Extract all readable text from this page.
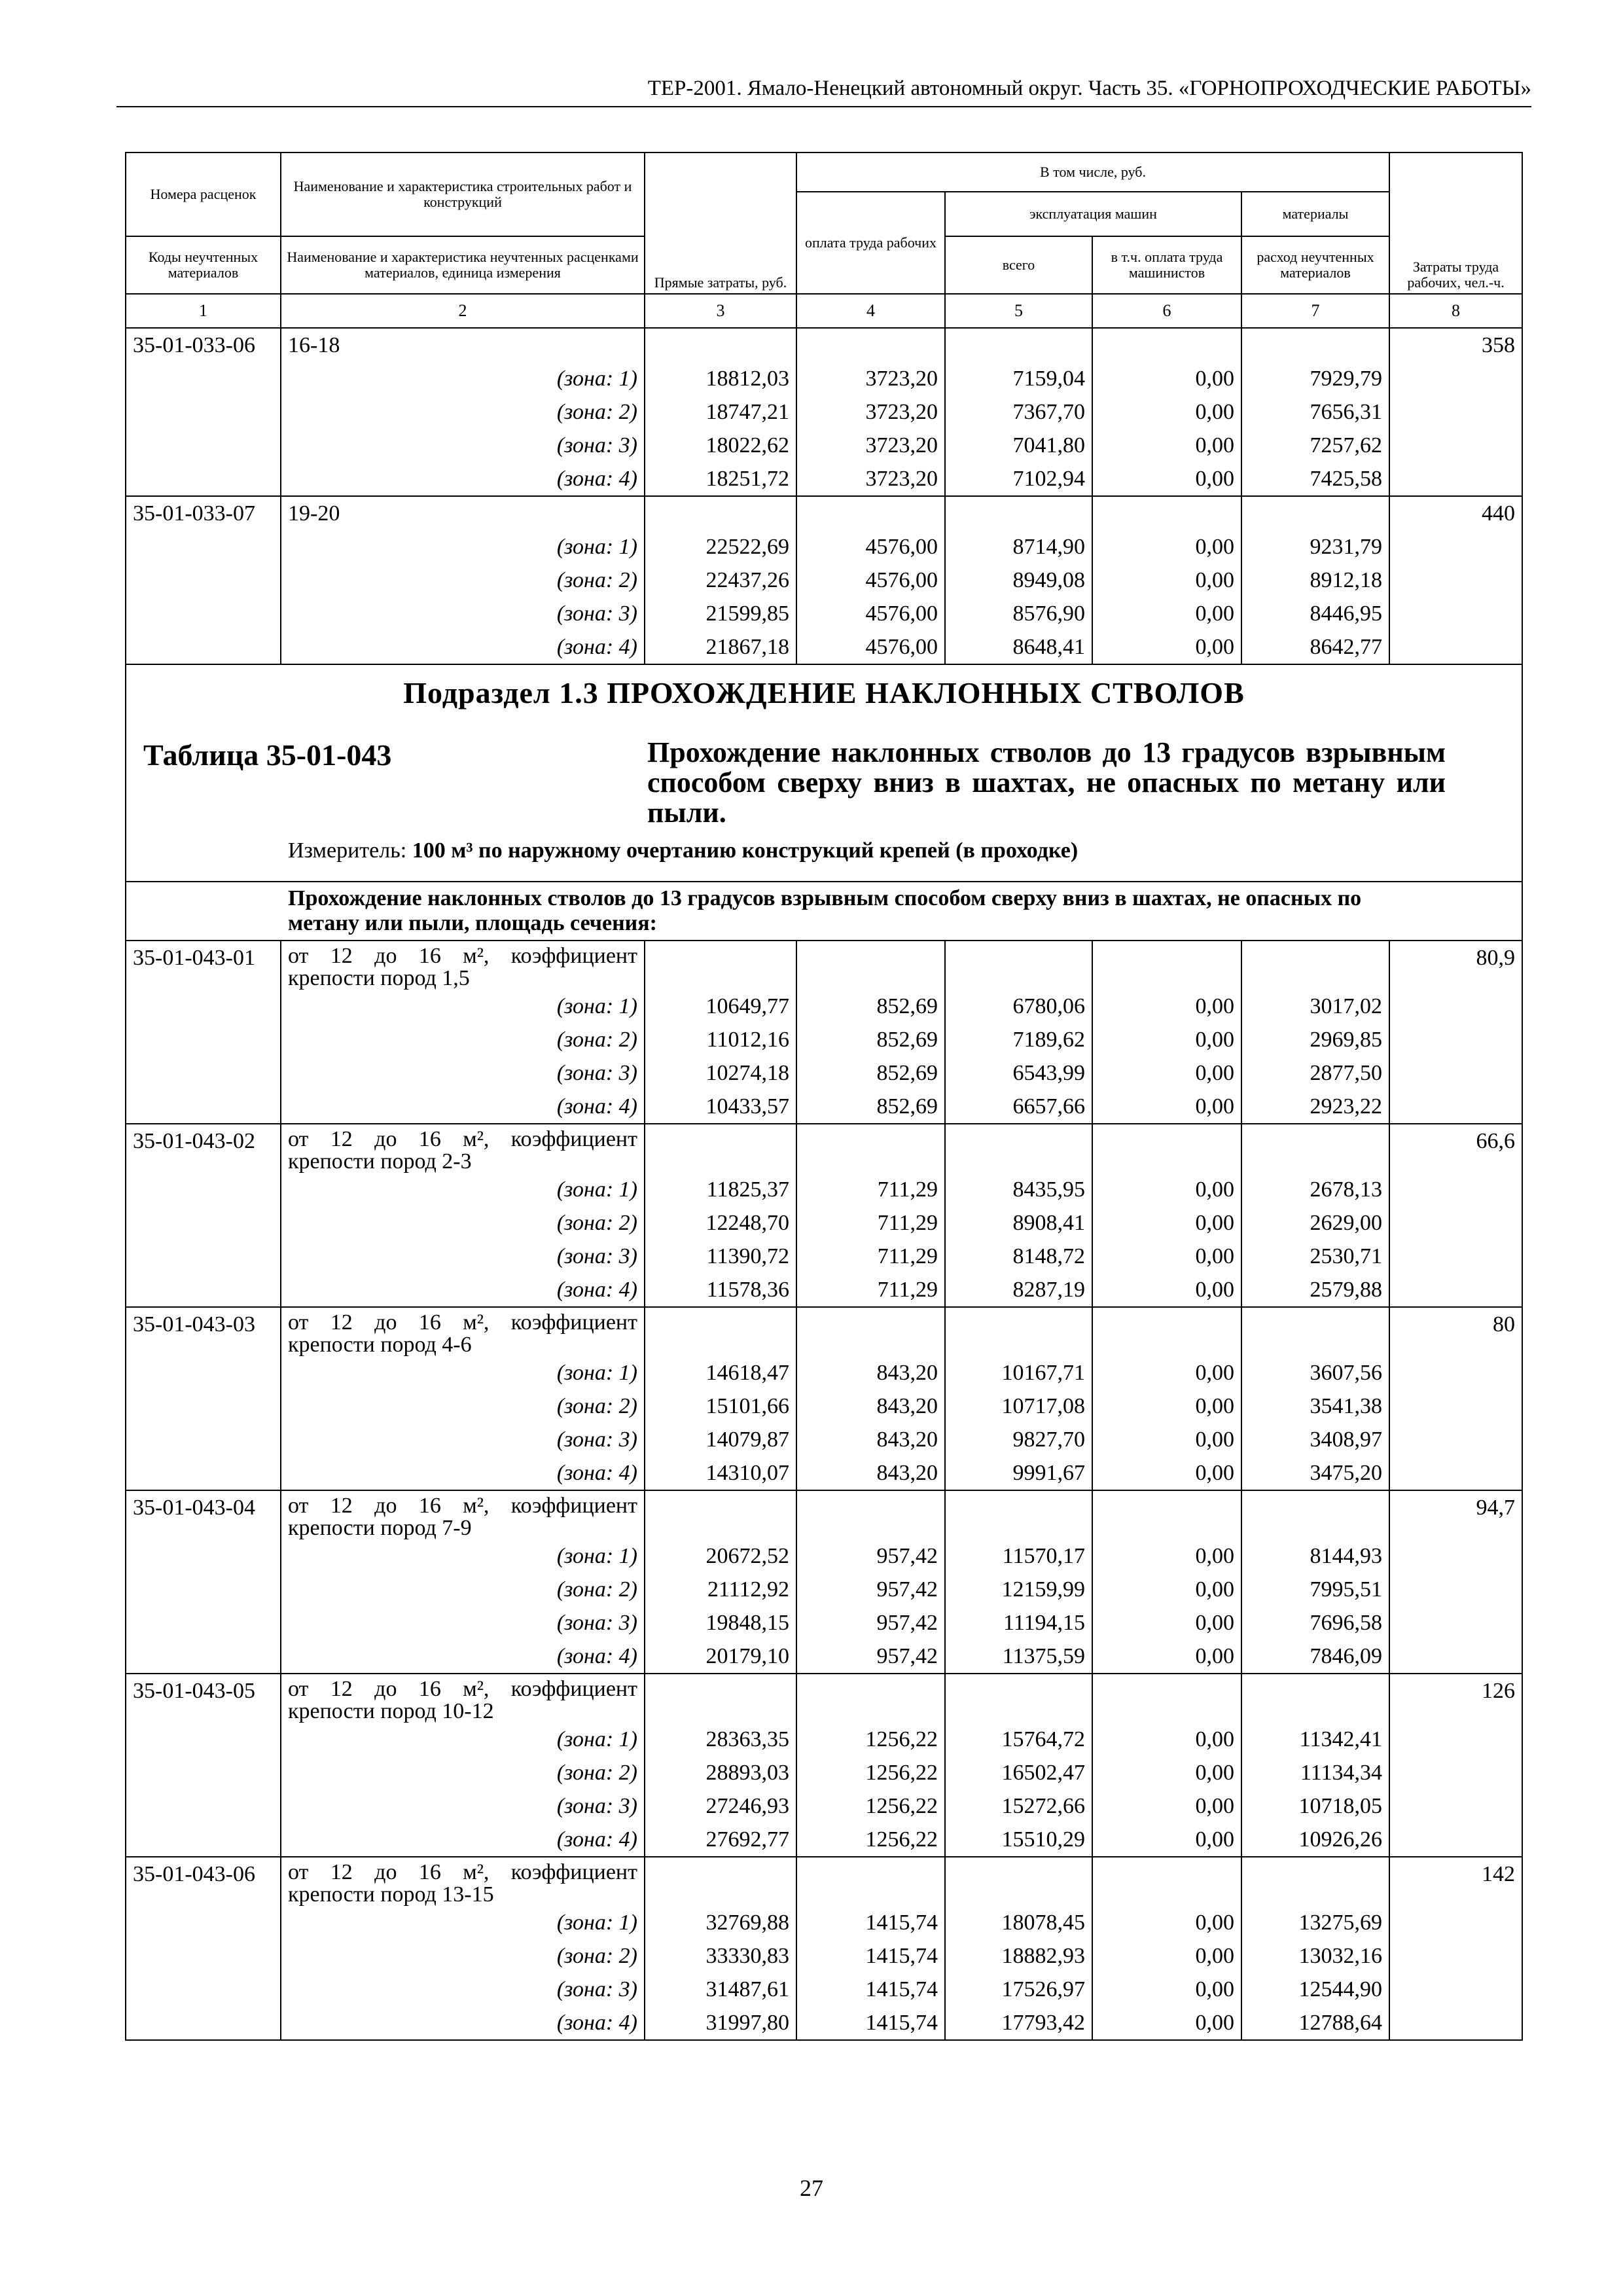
ТЕР-2001. Ямало-Ненецкий автономный округ. Часть 35. «ГОРНОПРОХОДЧЕСКИЕ РАБОТЫ»
Номера расценок	Наименование и характеристика строительных работ и конструкций	Прямые затраты, руб.	В том числе, руб.				Затраты труда рабочих, чел.-ч.
			оплата труда рабочих	эксплуатация машин		материалы	
Коды неучтенных материалов	Наименование и характеристика неучтенных расценками материалов, единица измерения			всего	в т.ч. оплата труда машинистов	расход неучтенных материалов	
1	2	3	4	5	6	7	8
35-01-033-06	16-18						358
	(зона: 1)	18812,03	3723,20	7159,04	0,00	7929,79	
	(зона: 2)	18747,21	3723,20	7367,70	0,00	7656,31	
	(зона: 3)	18022,62	3723,20	7041,80	0,00	7257,62	
	(зона: 4)	18251,72	3723,20	7102,94	0,00	7425,58	
35-01-033-07	19-20						440
	(зона: 1)	22522,69	4576,00	8714,90	0,00	9231,79	
	(зона: 2)	22437,26	4576,00	8949,08	0,00	8912,18	
	(зона: 3)	21599,85	4576,00	8576,90	0,00	8446,95	
	(зона: 4)	21867,18	4576,00	8648,41	0,00	8642,77	

Подраздел 1.3 ПРОХОЖДЕНИЕ НАКЛОННЫХ СТВОЛОВ
Таблица 35-01-043 Прохождение наклонных стволов до 13 градусов взрывным способом сверху вниз в шахтах, не опасных по метану или пыли.
Измеритель: 100 м³ по наружному очертанию конструкций крепей (в проходке)							

Прохождение наклонных стволов до 13 градусов взрывным способом сверху вниз в шахтах, не опасных по метану или пыли, площадь сечения:							
35-01-043-01	от 12 до 16 м², коэффициент крепости пород 1,5						80,9
	(зона: 1)	10649,77	852,69	6780,06	0,00	3017,02	
	(зона: 2)	11012,16	852,69	7189,62	0,00	2969,85	
	(зона: 3)	10274,18	852,69	6543,99	0,00	2877,50	
	(зона: 4)	10433,57	852,69	6657,66	0,00	2923,22	
35-01-043-02	от 12 до 16 м², коэффициент крепости пород 2-3						66,6
	(зона: 1)	11825,37	711,29	8435,95	0,00	2678,13	
	(зона: 2)	12248,70	711,29	8908,41	0,00	2629,00	
	(зона: 3)	11390,72	711,29	8148,72	0,00	2530,71	
	(зона: 4)	11578,36	711,29	8287,19	0,00	2579,88	
35-01-043-03	от 12 до 16 м², коэффициент крепости пород 4-6						80
	(зона: 1)	14618,47	843,20	10167,71	0,00	3607,56	
	(зона: 2)	15101,66	843,20	10717,08	0,00	3541,38	
	(зона: 3)	14079,87	843,20	9827,70	0,00	3408,97	
	(зона: 4)	14310,07	843,20	9991,67	0,00	3475,20	
35-01-043-04	от 12 до 16 м², коэффициент крепости пород 7-9						94,7
	(зона: 1)	20672,52	957,42	11570,17	0,00	8144,93	
	(зона: 2)	21112,92	957,42	12159,99	0,00	7995,51	
	(зона: 3)	19848,15	957,42	11194,15	0,00	7696,58	
	(зона: 4)	20179,10	957,42	11375,59	0,00	7846,09	
35-01-043-05	от 12 до 16 м², коэффициент крепости пород 10-12						126
	(зона: 1)	28363,35	1256,22	15764,72	0,00	11342,41	
	(зона: 2)	28893,03	1256,22	16502,47	0,00	11134,34	
	(зона: 3)	27246,93	1256,22	15272,66	0,00	10718,05	
	(зона: 4)	27692,77	1256,22	15510,29	0,00	10926,26	
35-01-043-06	от 12 до 16 м², коэффициент крепости пород 13-15						142
	(зона: 1)	32769,88	1415,74	18078,45	0,00	13275,69	
	(зона: 2)	33330,83	1415,74	18882,93	0,00	13032,16	
	(зона: 3)	31487,61	1415,74	17526,97	0,00	12544,90	
	(зона: 4)	31997,80	1415,74	17793,42	0,00	12788,64	
27
